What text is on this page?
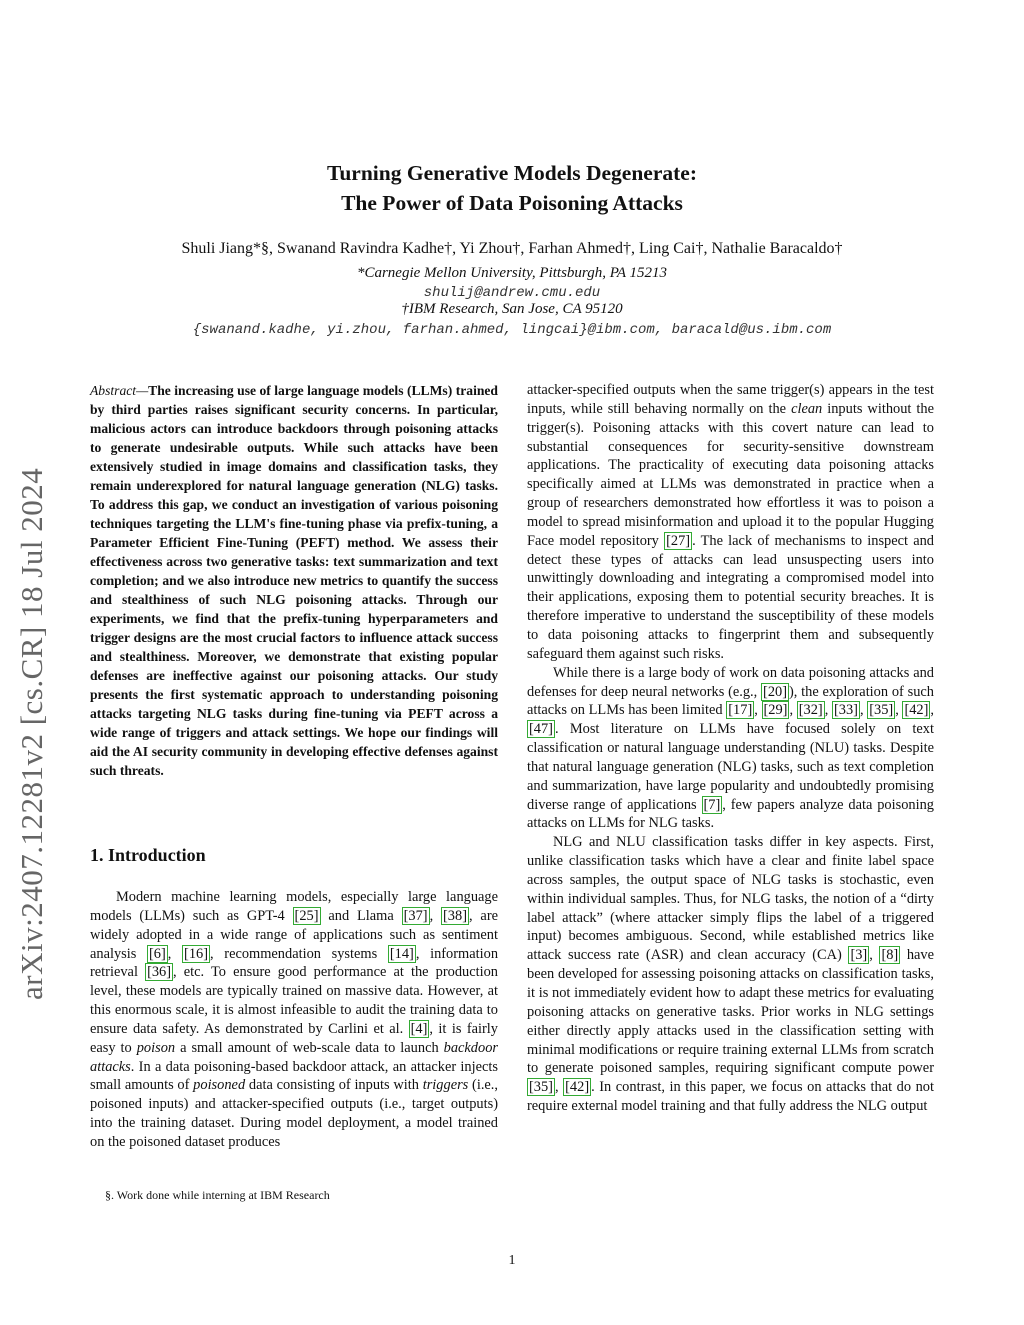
Turning Generative Models Degenerate:
The Power of Data Poisoning Attacks
Shuli Jiang*§, Swanand Ravindra Kadhe†, Yi Zhou†, Farhan Ahmed†, Ling Cai†, Nathalie Baracaldo†
*Carnegie Mellon University, Pittsburgh, PA 15213
shulij@andrew.cmu.edu
†IBM Research, San Jose, CA 95120
{swanand.kadhe, yi.zhou, farhan.ahmed, lingcai}@ibm.com, baracald@us.ibm.com
arXiv:2407.12281v2 [cs.CR] 18 Jul 2024

Abstract—The increasing use of large language models (LLMs) trained by third parties raises significant security concerns. In particular, malicious actors can introduce backdoors through poisoning attacks to generate undesirable outputs. While such attacks have been extensively studied in image domains and classification tasks, they remain underexplored for natural language generation (NLG) tasks. To address this gap, we conduct an investigation of various poisoning techniques targeting the LLM's fine-tuning phase via prefix-tuning, a Parameter Efficient Fine-Tuning (PEFT) method. We assess their effectiveness across two generative tasks: text summarization and text completion; and we also introduce new metrics to quantify the success and stealthiness of such NLG poisoning attacks. Through our experiments, we find that the prefix-tuning hyperparameters and trigger designs are the most crucial factors to influence attack success and stealthiness. Moreover, we demonstrate that existing popular defenses are ineffective against our poisoning attacks. Our study presents the first systematic approach to understanding poisoning attacks targeting NLG tasks during fine-tuning via PEFT across a wide range of triggers and attack settings. We hope our findings will aid the AI security community in developing effective defenses against such threats.

1. Introduction

Modern machine learning models, especially large language models (LLMs) such as GPT-4 [25] and Llama [37] , [38] , are widely adopted in a wide range of applications such as sentiment analysis [6] , [16] , recommendation systems [14] , information retrieval [36] , etc. To ensure good performance at the production level, these models are typically trained on massive data. However, at this enormous scale, it is almost infeasible to audit the training data to ensure data safety. As demonstrated by Carlini et al. [4] , it is fairly easy to poison a small amount of web-scale data to launch backdoor attacks. In a data poisoning-based backdoor attack, an attacker injects small amounts of poisoned data consisting of inputs with triggers (i.e., poisoned inputs) and attacker-specified outputs (i.e., target outputs) into the training dataset. During model deployment, a model trained on the poisoned dataset produces

attacker-specified outputs when the same trigger(s) appears in the test inputs, while still behaving normally on the clean inputs without the trigger(s). Poisoning attacks with this covert nature can lead to substantial consequences for security-sensitive downstream applications. The practicality of executing data poisoning attacks specifically aimed at LLMs was demonstrated in practice when a group of researchers demonstrated how effortless it was to poison a model to spread misinformation and upload it to the popular Hugging Face model repository [27] . The lack of mechanisms to inspect and detect these types of attacks can lead unsuspecting users into unwittingly downloading and integrating a compromised model into their applications, exposing them to potential security breaches. It is therefore imperative to understand the susceptibility of these models to data poisoning attacks to fingerprint them and subsequently safeguard them against such risks.

While there is a large body of work on data poisoning attacks and defenses for deep neural networks (e.g., [20] ), the exploration of such attacks on LLMs has been limited [17] , [29] , [32] , [33] , [35] , [42] , [47] . Most literature on LLMs have focused solely on text classification or natural language understanding (NLU) tasks. Despite that natural language generation (NLG) tasks, such as text completion and summarization, have large popularity and undoubtedly promising diverse range of applications [7] , few papers analyze data poisoning attacks on LLMs for NLG tasks.

NLG and NLU classification tasks differ in key aspects. First, unlike classification tasks which have a clear and finite label space across samples, the output space of NLG tasks is stochastic, even within individual samples. Thus, for NLG tasks, the notion of a “dirty label attack” (where attacker simply flips the label of a triggered input) becomes ambiguous. Second, while established metrics like attack success rate (ASR) and clean accuracy (CA) [3] , [8] have been developed for assessing poisoning attacks on classification tasks, it is not immediately evident how to adapt these metrics for evaluating poisoning attacks on generative tasks. Prior works in NLG settings either directly apply attacks used in the classification setting with minimal modifications or require training external LLMs from scratch to generate poisoned samples, requiring significant compute power [35] , [42] . In contrast, in this paper, we focus on attacks that do not require external model training and that fully address the NLG output

§. Work done while interning at IBM Research
1
